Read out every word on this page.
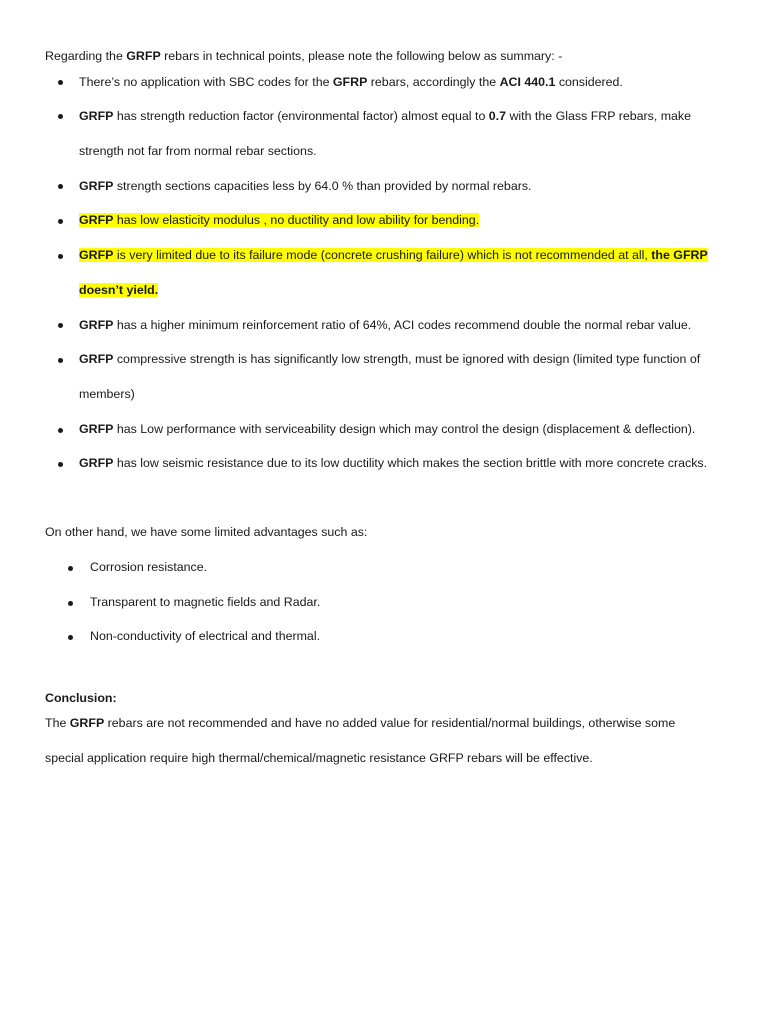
Regarding the GRFP rebars in technical points, please note the following below as summary: -
There’s no application with SBC codes for the GFRP rebars, accordingly the ACI 440.1 considered.
GRFP has strength reduction factor (environmental factor) almost equal to 0.7 with the Glass FRP rebars, make
strength not far from normal rebar sections.
GRFP strength sections capacities less by 64.0 % than provided by normal rebars.
GRFP has low elasticity modulus , no ductility and low ability for bending.
GRFP is very limited due to its failure mode (concrete crushing failure) which is not recommended at all, the GFRP
doesn’t yield.
GRFP has a higher minimum reinforcement ratio of 64%, ACI codes recommend double the normal rebar value.
GRFP compressive strength is has significantly low strength, must be ignored with design (limited type function of
members)
GRFP has Low performance with serviceability design which may control the design (displacement & deflection).
GRFP has low seismic resistance due to its low ductility which makes the section brittle with more concrete cracks.
On other hand, we have some limited advantages such as:
Corrosion resistance.
Transparent to magnetic fields and Radar.
Non-conductivity of electrical and thermal.
Conclusion:
The GRFP rebars are not recommended and have no added value for residential/normal buildings, otherwise some
special application require high thermal/chemical/magnetic resistance GRFP rebars will be effective.
